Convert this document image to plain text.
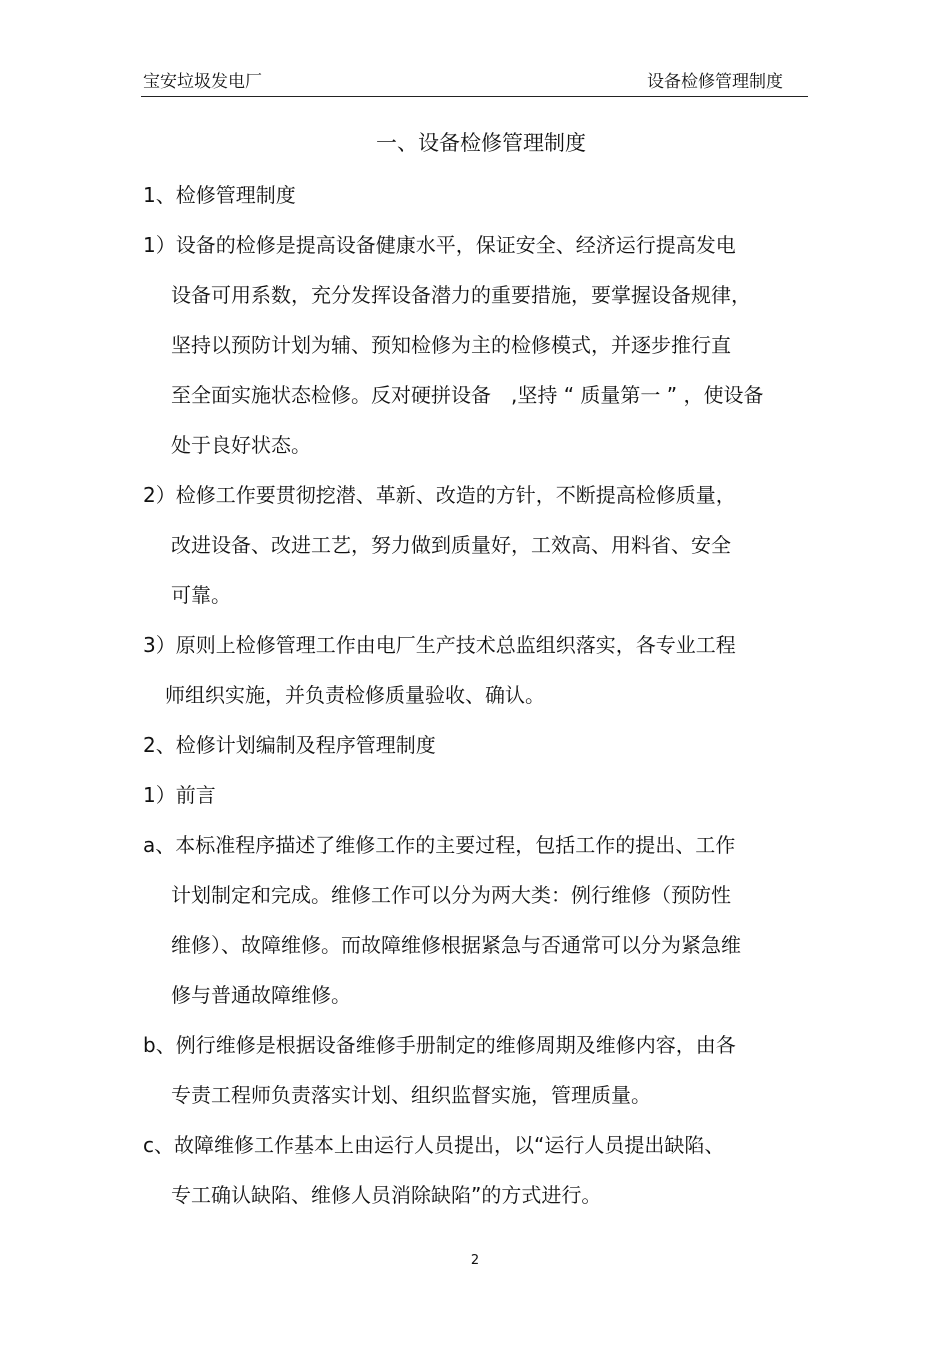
宝安垃圾发电厂	设备检修管理制度
一、设备检修管理制度
1、检修管理制度
1）设备的检修是提高设备健康水平，保证安全、经济运行提高发电
设备可用系数，充分发挥设备潜力的重要措施，要掌握设备规律，
坚持以预防计划为辅、预知检修为主的检修模式，并逐步推行直
至全面实施状态检修。反对硬拼设备　,坚持 “ 质量第一 ” ，使设备
处于良好状态。
2）检修工作要贯彻挖潜、革新、改造的方针，不断提高检修质量，
改进设备、改进工艺，努力做到质量好，工效高、用料省、安全
可靠。
3）原则上检修管理工作由电厂生产技术总监组织落实，各专业工程
师组织实施，并负责检修质量验收、确认。
2、检修计划编制及程序管理制度
1）前言
a、本标准程序描述了维修工作的主要过程，包括工作的提出、工作
计划制定和完成。维修工作可以分为两大类：例行维修（预防性
维修）、故障维修。而故障维修根据紧急与否通常可以分为紧急维
修与普通故障维修。
b、例行维修是根据设备维修手册制定的维修周期及维修内容，由各
专责工程师负责落实计划、组织监督实施，管理质量。
c、故障维修工作基本上由运行人员提出，以“运行人员提出缺陷、
专工确认缺陷、维修人员消除缺陷”的方式进行。
2
